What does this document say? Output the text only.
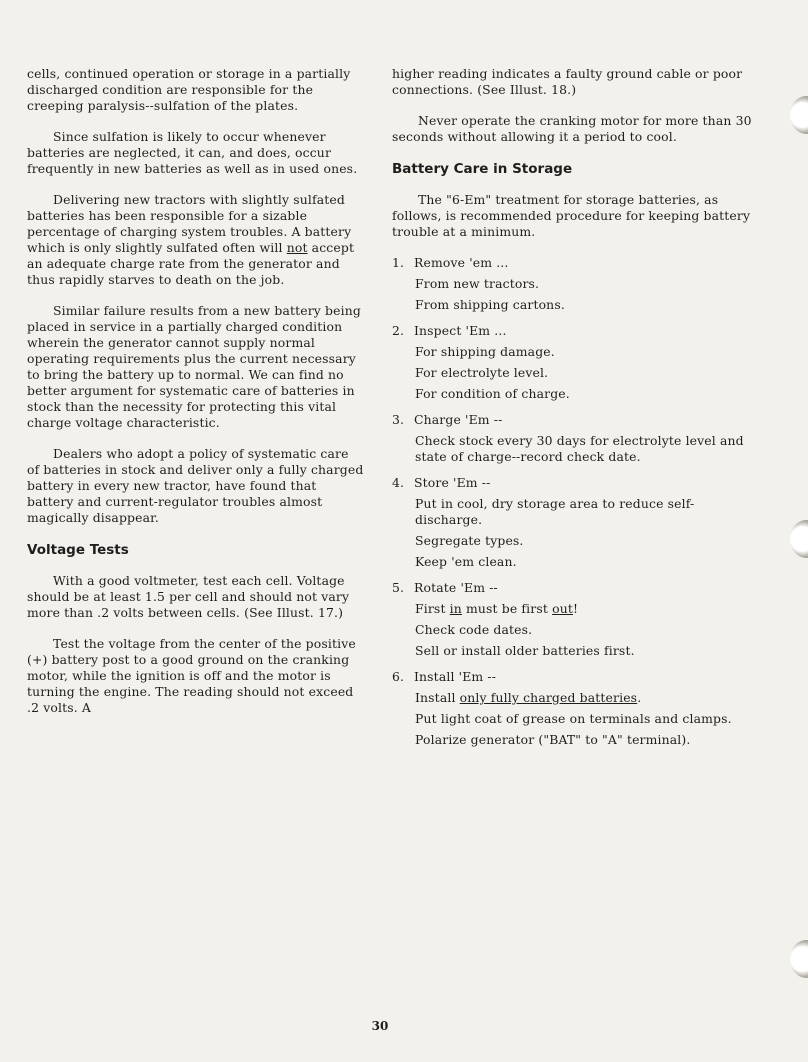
cells, continued operation or storage in a partially discharged condition are responsible for the creeping paralysis--sulfation of the plates.

Since sulfation is likely to occur whenever batteries are neglected, it can, and does, occur frequently in new batteries as well as in used ones.

Delivering new tractors with slightly sulfated batteries has been responsible for a sizable percentage of charging system troubles. A battery which is only slightly sulfated often will not accept an adequate charge rate from the generator and thus rapidly starves to death on the job.

Similar failure results from a new battery being placed in service in a partially charged condition wherein the generator cannot supply normal operating requirements plus the current necessary to bring the battery up to normal. We can find no better argument for systematic care of batteries in stock than the necessity for protecting this vital charge voltage characteristic.

Dealers who adopt a policy of systematic care of batteries in stock and deliver only a fully charged battery in every new tractor, have found that battery and current-regulator troubles almost magically disappear.

Voltage Tests

With a good voltmeter, test each cell. Voltage should be at least 1.5 per cell and should not vary more than .2 volts between cells. (See Illust. 17.)

Test the voltage from the center of the positive (+) battery post to a good ground on the cranking motor, while the ignition is off and the motor is turning the engine. The reading should not exceed .2 volts. A

higher reading indicates a faulty ground cable or poor connections. (See Illust. 18.)

Never operate the cranking motor for more than 30 seconds without allowing it a period to cool.

Battery Care in Storage

The "6-Em" treatment for storage batteries, as follows, is recommended procedure for keeping battery trouble at a minimum.

1. Remove 'em ...

From new tractors.

From shipping cartons.

2. Inspect 'Em ...

For shipping damage.

For electrolyte level.

For condition of charge.

3. Charge 'Em --

Check stock every 30 days for electrolyte level and state of charge--record check date.

4. Store 'Em --

Put in cool, dry storage area to reduce self-discharge.

Segregate types.

Keep 'em clean.

5. Rotate 'Em --

First in must be first out!

Check code dates.

Sell or install older batteries first.

6. Install 'Em --

Install only fully charged batteries.

Put light coat of grease on terminals and clamps.

Polarize generator ("BAT" to "A" terminal).

30
